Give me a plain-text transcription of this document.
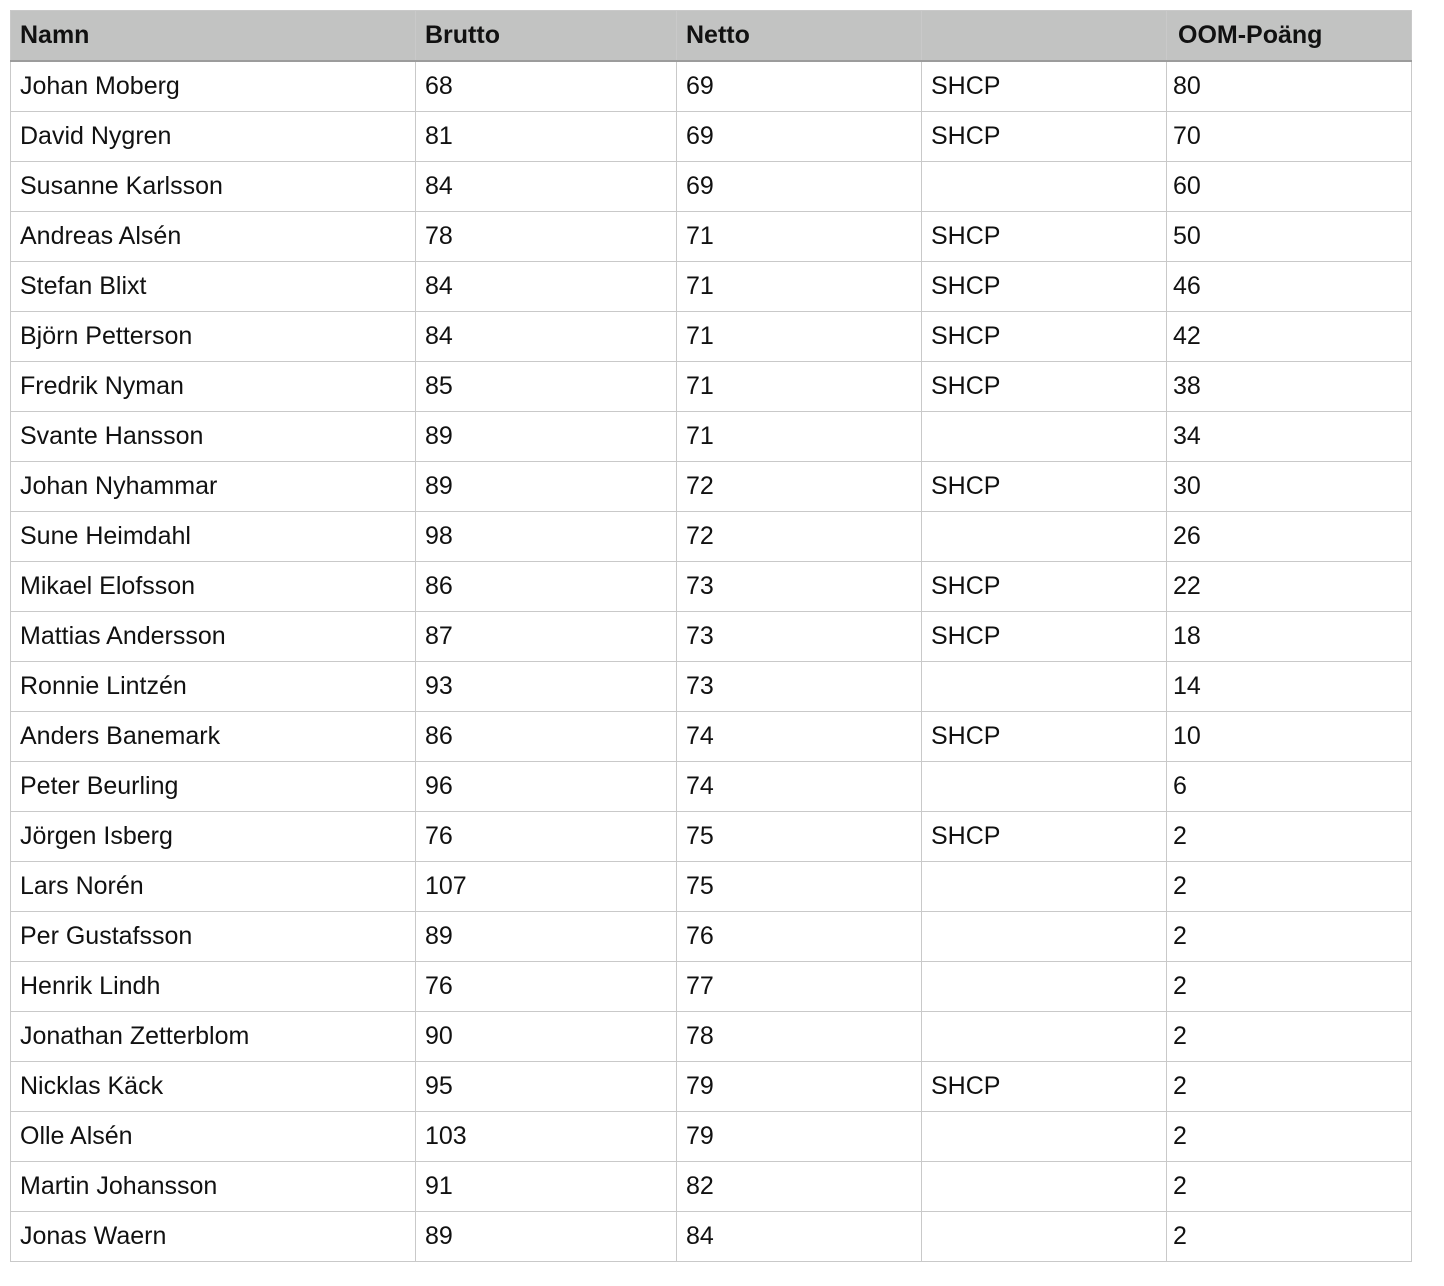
Namn	Brutto	Netto		OOM-Poäng
Johan Moberg	68	69	SHCP	80
David Nygren	81	69	SHCP	70
Susanne Karlsson	84	69		60
Andreas Alsén	78	71	SHCP	50
Stefan Blixt	84	71	SHCP	46
Björn Petterson	84	71	SHCP	42
Fredrik Nyman	85	71	SHCP	38
Svante Hansson	89	71		34
Johan Nyhammar	89	72	SHCP	30
Sune Heimdahl	98	72		26
Mikael Elofsson	86	73	SHCP	22
Mattias Andersson	87	73	SHCP	18
Ronnie Lintzén	93	73		14
Anders Banemark	86	74	SHCP	10
Peter Beurling	96	74		6
Jörgen Isberg	76	75	SHCP	2
Lars Norén	107	75		2
Per Gustafsson	89	76		2
Henrik Lindh	76	77		2
Jonathan Zetterblom	90	78		2
Nicklas Käck	95	79	SHCP	2
Olle Alsén	103	79		2
Martin Johansson	91	82		2
Jonas Waern	89	84		2
